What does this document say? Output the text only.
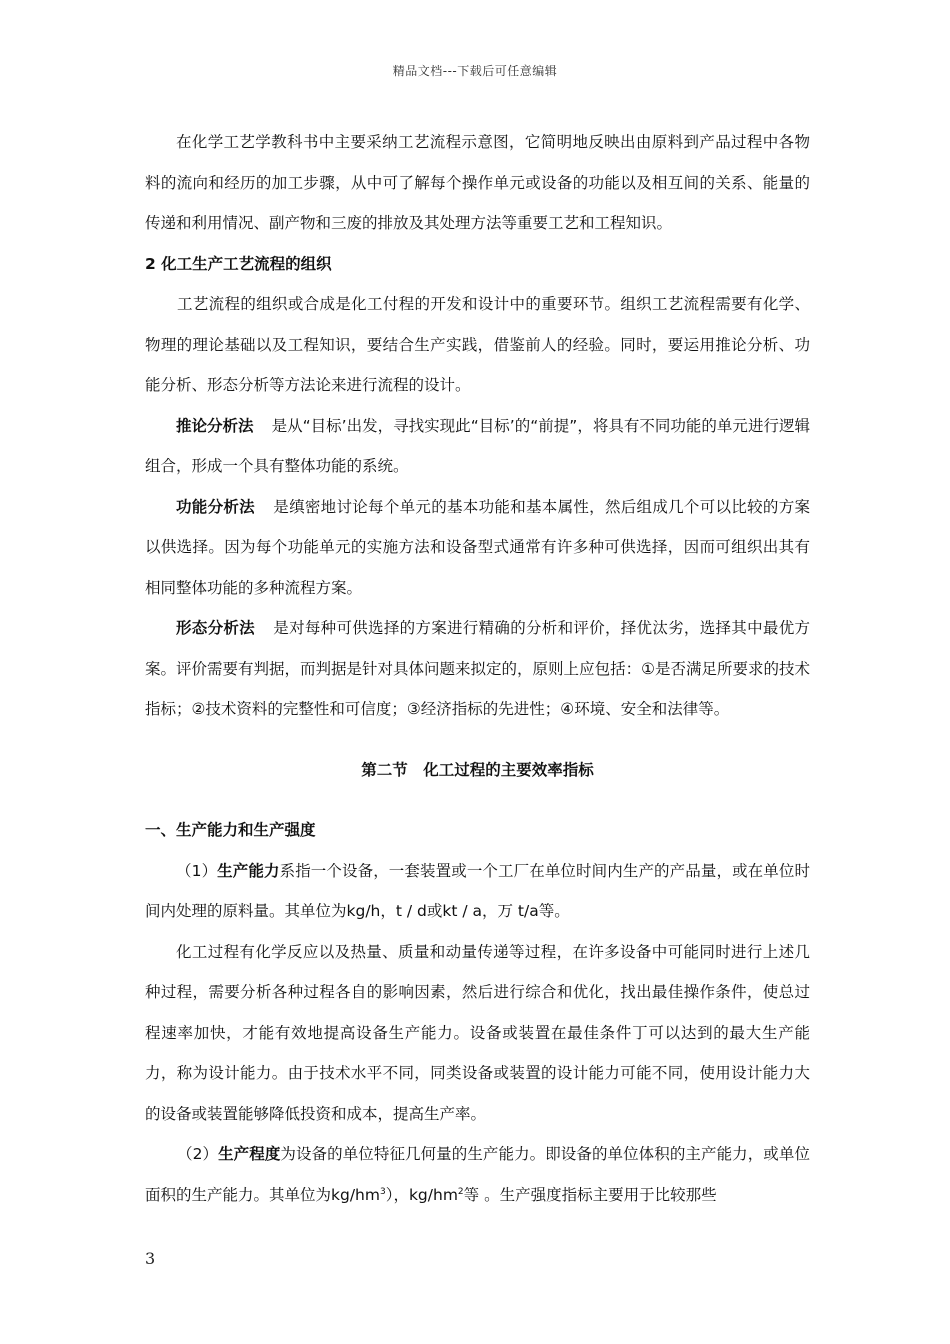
精品文档---下载后可任意编辑

在化学工艺学教科书中主要采纳工艺流程示意图，它简明地反映出由原料到产品过程中各物料的流向和经历的加工步骤，从中可了解每个操作单元或设备的功能以及相互间的关系、能量的传递和利用情况、副产物和三废的排放及其处理方法等重要工艺和工程知识。

2 化工生产工艺流程的组织

工艺流程的组织或合成是化工付程的开发和设计中的重要环节。组织工艺流程需要有化学、物理的理论基础以及工程知识，要结合生产实践，借鉴前人的经验。同时，要运用推论分析、功能分析、形态分析等方法论来进行流程的设计。

推论分析法 是从“目标’出发，寻找实现此“目标’的“前提”，将具有不同功能的单元进行逻辑组合，形成一个具有整体功能的系统。

功能分析法 是缜密地讨论每个单元的基本功能和基本属性，然后组成几个可以比较的方案以供选择。因为每个功能单元的实施方法和设备型式通常有许多种可供选择，因而可组织出其有相同整体功能的多种流程方案。

形态分析法 是对每种可供选择的方案进行精确的分析和评价，择优汰劣，选择其中最优方案。评价需要有判据，而判据是针对具体问题来拟定的，原则上应包括：①是否满足所要求的技术指标；②技术资料的完整性和可信度；③经济指标的先进性；④环境、安全和法律等。

第二节　化工过程的主要效率指标

一、生产能力和生产强度

（1）生产能力系指一个设备，一套装置或一个工厂在单位时间内生产的产品量，或在单位时间内处理的原料量。其单位为kg/h，t / d或kt / a，万 t/a等。

化工过程有化学反应以及热量、质量和动量传递等过程，在许多设备中可能同时进行上述几种过程，需要分析各种过程各自的影响因素，然后进行综合和优化，找出最佳操作条件，使总过程速率加快，才能有效地提高设备生产能力。设备或装置在最佳条件丁可以达到的最大生产能力，称为设计能力。由于技术水平不同，同类设备或装置的设计能力可能不同，使用设计能力大的设备或装置能够降低投资和成本，提高生产率。

（2）生产程度为设备的单位特征几何量的生产能力。即设备的单位体积的主产能力，或单位面积的生产能力。其单位为$kg/hm^3$），$kg/hm^2$等 。生产强度指标主要用于比较那些

3
